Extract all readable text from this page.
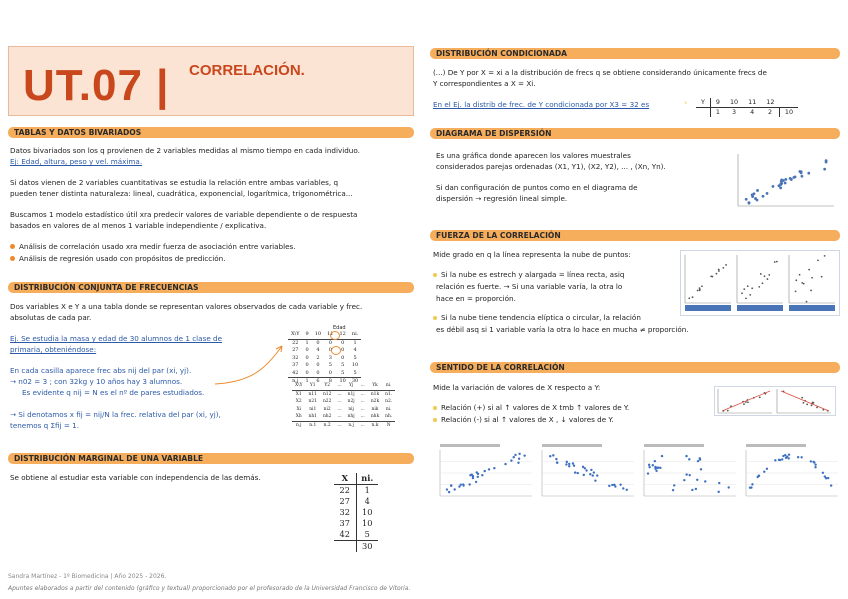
UT.07 | CORRELACIÓN.
TABLAS Y DATOS BIVARIADOS
Datos bivariados son los q provienen de 2 variables medidas al mismo tiempo en cada individuo.
Ej: Edad, altura, peso y vel. máxima.
Si datos vienen de 2 variables cuantitativas se estudia la relación entre ambas variables, q
pueden tener distinta naturaleza: lineal, cuadrática, exponencial, logarítmica, trigonométrica...
Buscamos 1 modelo estadístico útil xra predecir valores de variable dependiente o de respuesta
basados en valores de al menos 1 variable independiente / explicativa.
Análisis de correlación usado xra medir fuerza de asociación entre variables.
Análisis de regresión usado con propósitos de predicción.
DISTRIBUCIÓN CONJUNTA DE FRECUENCIAS
Dos variables X e Y a una tabla donde se representan valores observados de cada variable y frec.
absolutas de cada par.
Ej. Se estudia la masa y edad de 30 alumnos de 1 clase de
primaria, obteniéndose:
En cada casilla aparece frec abs nij del par (xi, yj).
→ n02 = 3 ; con 32kg y 10 años hay 3 alumnos.
Es evidente q nij = N es el nº de pares estudiados.
→ Si denotamos x fij = nij/N la frec. relativa del par (xi, yj),
tenemos q Σfij = 1.
Edad
X\Y	9	10	11	12	ni.
22	1	0	0	0	1
27	0	4	0	0	4
32	0	2	3	0	5
37	0	0	5	5	10
42	0	0	0	5	5
n.j	1	6	8	10	30
X\Y	Y1	Y2	...	Yj	...	Yk	ni.
X1	n11	n12	...	n1j	...	n1k	n1.
X2	n21	n22	...	n2j	...	n2k	n2.
Xi	ni1	ni2	...	nij	...	nik	ni.
Xh	nh1	nh2	...	nhj	...	nhk	nh.
n.j	n.1	n.2	...	n.j	...	n.k	N
DISTRIBUCIÓN MARGINAL DE UNA VARIABLE
Se obtiene al estudiar esta variable con independencia de las demás.	X	ni.
22	1
27	4
32	10
37	10
42	5
	30
DISTRIBUCIÓN CONDICIONADA
(...) De Y por X = xi a la distribución de frecs q se obtiene considerando únicamente frecs de
Y correspondientes a X = Xi.
En el Ej. la distrib de frec. de Y condicionada por X3 = 32 es	› Y	9	10	11	12	
	1	3	4	2	10
DIAGRAMA DE DISPERSIÓN
Es una gráfica donde aparecen los valores muestrales
considerados parejas ordenadas (X1, Y1), (X2, Y2), ... , (Xn, Yn).
Si dan configuración de puntos como en el diagrama de
dispersión → regresión lineal simple.
FUERZA DE LA CORRELACIÓN
Mide grado en q la línea representa la nube de puntos:
Si la nube es estrech y alargada = línea recta, asiq
relación es fuerte. → Si una variable varía, la otra lo
hace en = proporción.
Si la nube tiene tendencia elíptica o circular, la relación
es débil asq si 1 variable varía la otra lo hace en mucha ≠ proporción.
SENTIDO DE LA CORRELACIÓN
Mide la variación de valores de X respecto a Y:
Relación (+) si al ↑ valores de X tmb ↑ valores de Y.
Relación (-) si al ↑ valores de X , ↓ valores de Y.
Sandra Martínez - 1º Biomedicina | Año 2025 - 2026.
Apuntes elaborados a partir del contenido (gráfico y textual) proporcionado por el profesorado de la Universidad Francisco de Vitoria.
